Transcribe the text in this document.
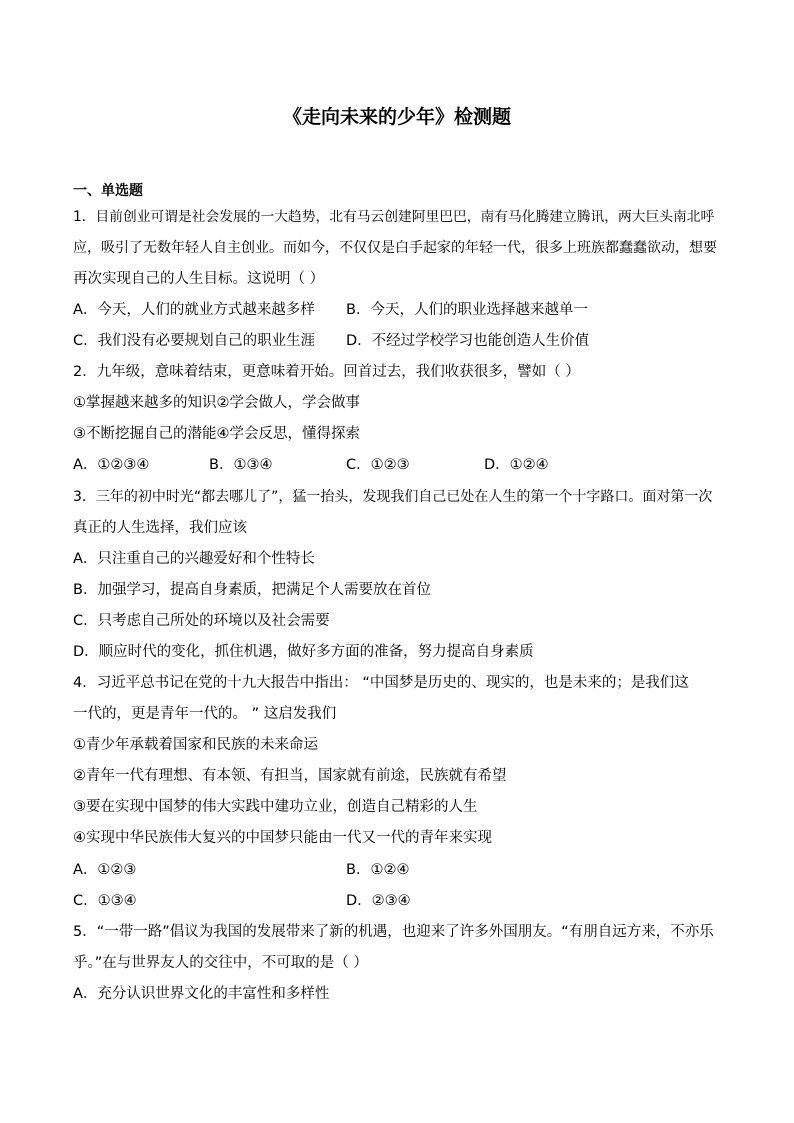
《走向未来的少年》检测题
一、单选题
1．目前创业可谓是社会发展的一大趋势，北有马云创建阿里巴巴，南有马化腾建立腾讯，两大巨头南北呼
应，吸引了无数年轻人自主创业。而如今，不仅仅是白手起家的年轻一代，很多上班族都蠢蠢欲动，想要
再次实现自己的人生目标。这说明（ ）
A．今天，人们的就业方式越来越多样 B．今天，人们的职业选择越来越单一
C．我们没有必要规划自己的职业生涯 D．不经过学校学习也能创造人生价值
2．九年级，意味着结束，更意味着开始。回首过去，我们收获很多，譬如（ ）
①掌握越来越多的知识②学会做人，学会做事
③不断挖掘自己的潜能④学会反思，懂得探索
A．①②③④	B．①③④	C．①②③	D．①②④
3．三年的初中时光“都去哪儿了”，猛一抬头，发现我们自己已处在人生的第一个十字路口。面对第一次
真正的人生选择，我们应该
A．只注重自己的兴趣爱好和个性特长
B．加强学习，提高自身素质，把满足个人需要放在首位
C．只考虑自己所处的环境以及社会需要
D．顺应时代的变化，抓住机遇，做好多方面的准备，努力提高自身素质
4．习近平总书记在党的十九大报告中指出： “中国梦是历史的、现实的，也是未来的；是我们这
一代的，更是青年一代的。 ” 这启发我们
①青少年承载着国家和民族的未来命运
②青年一代有理想、有本领、有担当，国家就有前途，民族就有希望
③要在实现中国梦的伟大实践中建功立业，创造自己精彩的人生
④实现中华民族伟大复兴的中国梦只能由一代又一代的青年来实现
A．①②③	B．①②④
C．①③④	D．②③④
5．“一带一路”倡议为我国的发展带来了新的机遇，也迎来了许多外国朋友。“有朋自远方来，不亦乐
乎。”在与世界友人的交往中，不可取的是（ ）
A．充分认识世界文化的丰富性和多样性
